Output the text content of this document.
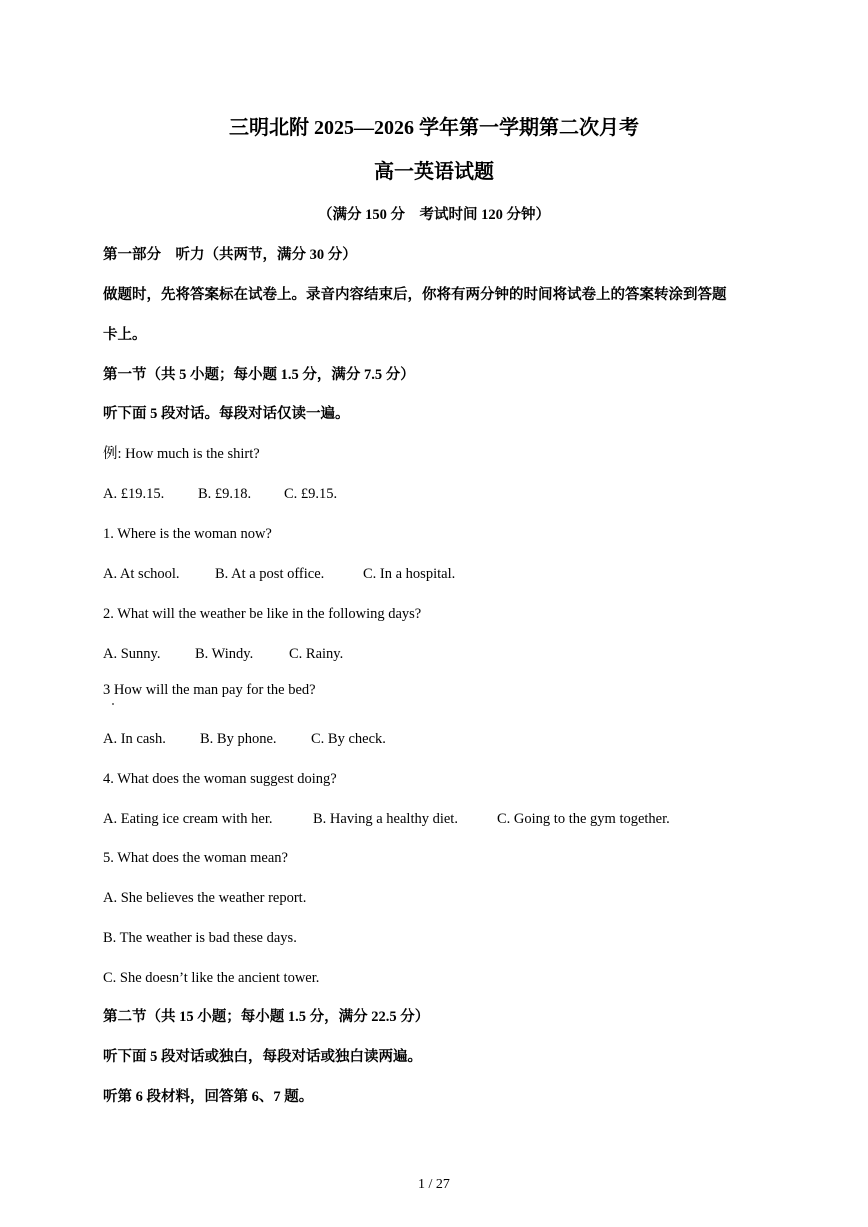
三明北附 2025—2026 学年第一学期第二次月考
高一英语试题
（满分 150 分　考试时间 120 分钟）
第一部分　听力（共两节，满分 30 分）
做题时，先将答案标在试卷上。录音内容结束后，你将有两分钟的时间将试卷上的答案转涂到答题
卡上。
第一节（共 5 小题；每小题 1.5 分，满分 7.5 分）
听下面 5 段对话。每段对话仅读一遍。
例: How much is the shirt?
A. £19.15. B. £9.18. C. £9.15.
1. Where is the woman now?
A. At school. B. At a post office.	C. In a hospital.
2. What will the weather be like in the following days?
A. Sunny. B. Windy. C. Rainy.
3 How will the man pay for the bed?
A. In cash. B. By phone. C. By check.
4. What does the woman suggest doing?
A. Eating ice cream with her.	B. Having a healthy diet.	C. Going to the gym together.
5. What does the woman mean?
A. She believes the weather report.
B. The weather is bad these days.
C. She doesn’t like the ancient tower.
第二节（共 15 小题；每小题 1.5 分，满分 22.5 分）
听下面 5 段对话或独白，每段对话或独白读两遍。
听第 6 段材料，回答第 6、7 题。
1 / 27
